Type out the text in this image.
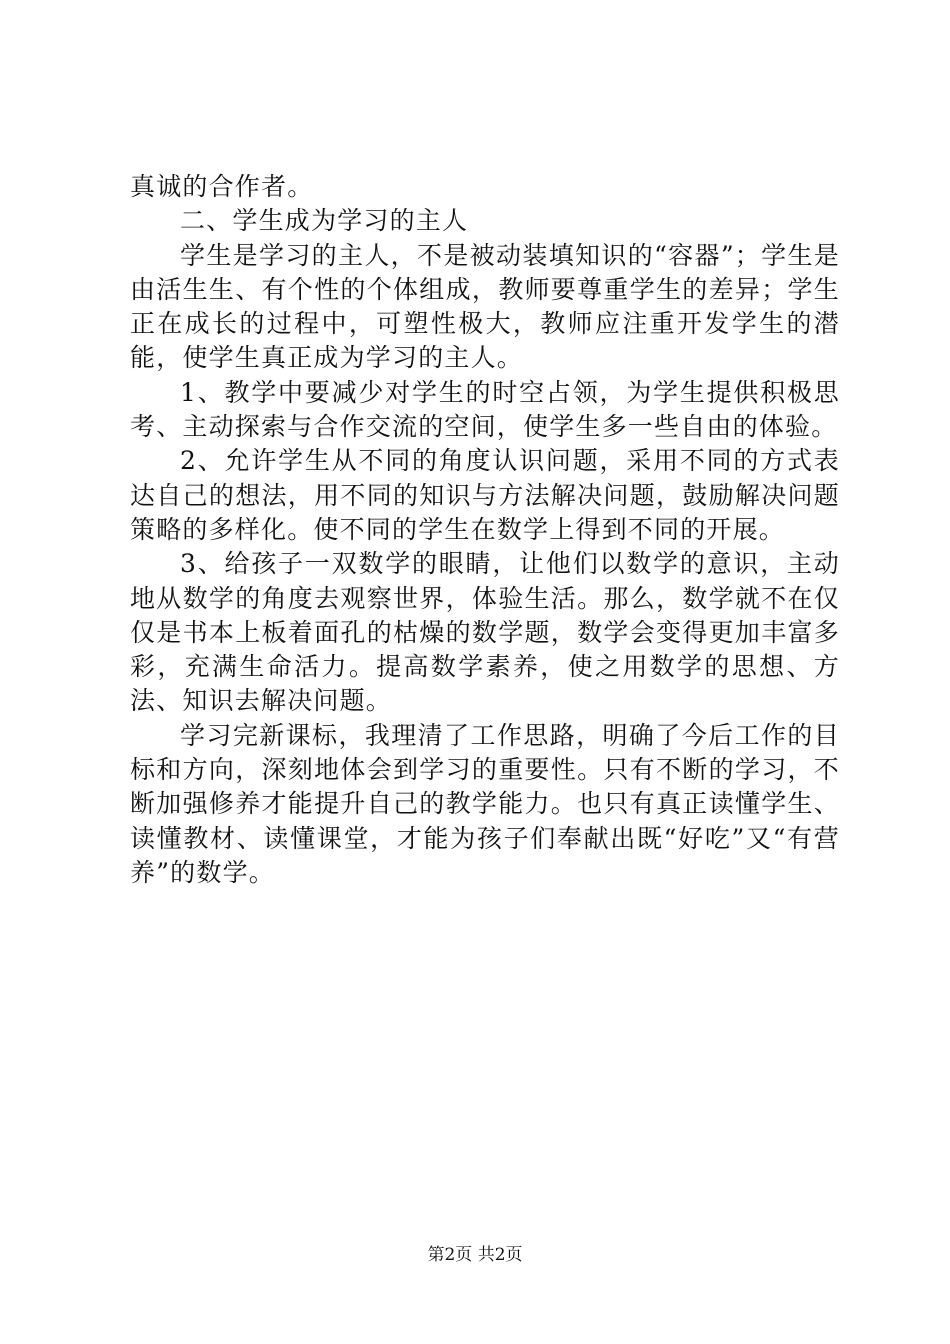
真诚的合作者。

二、学生成为学习的主人

学生是学习的主人，不是被动装填知识的“容器”；学生是由活生生、有个性的个体组成，教师要尊重学生的差异；学生正在成长的过程中，可塑性极大，教师应注重开发学生的潜能，使学生真正成为学习的主人。

1、教学中要减少对学生的时空占领，为学生提供积极思考、主动探索与合作交流的空间，使学生多一些自由的体验。

2、允许学生从不同的角度认识问题，采用不同的方式表达自己的想法，用不同的知识与方法解决问题，鼓励解决问题策略的多样化。使不同的学生在数学上得到不同的开展。

3、给孩子一双数学的眼睛，让他们以数学的意识，主动地从数学的角度去观察世界，体验生活。那么，数学就不在仅仅是书本上板着面孔的枯燥的数学题，数学会变得更加丰富多彩，充满生命活力。提高数学素养，使之用数学的思想、方法、知识去解决问题。

学习完新课标，我理清了工作思路，明确了今后工作的目标和方向，深刻地体会到学习的重要性。只有不断的学习，不断加强修养才能提升自己的教学能力。也只有真正读懂学生、读懂教材、读懂课堂，才能为孩子们奉献出既“好吃”又“有营养”的数学。

第2页 共2页
